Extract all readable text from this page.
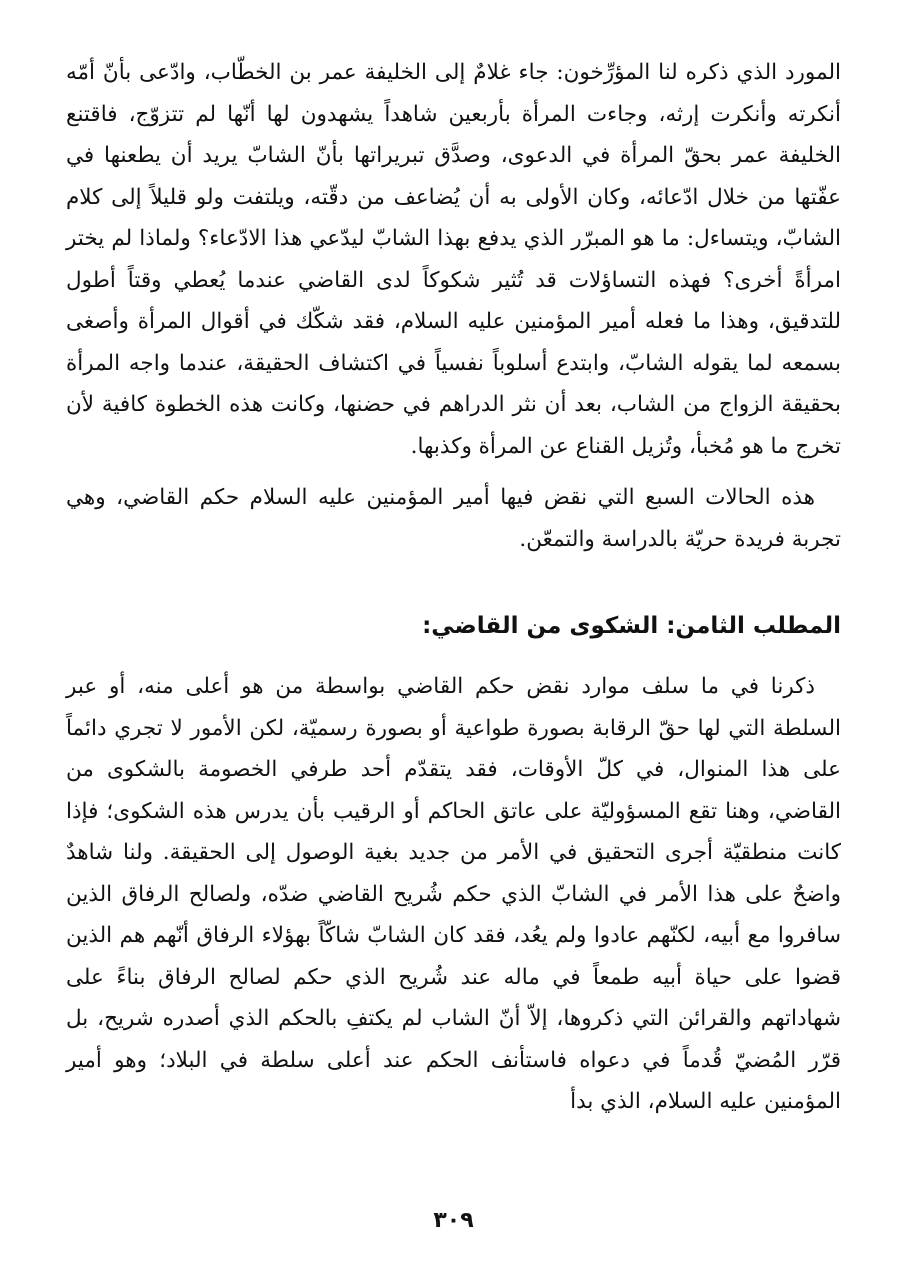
المورد الذي ذكره لنا المؤرِّخون: جاء غلامٌ إلى الخليفة عمر بن الخطّاب، وادّعى بأنّ أمّه أنكرته وأنكرت إرثه، وجاءت المرأة بأربعين شاهداً يشهدون لها أنّها لم تتزوّج، فاقتنع الخليفة عمر بحقّ المرأة في الدعوى، وصدَّق تبريراتها بأنّ الشابّ يريد أن يطعنها في عفّتها من خلال ادّعائه، وكان الأولى به أن يُضاعف من دقّته، ويلتفت ولو قليلاً إلى كلام الشابّ، ويتساءل: ما هو المبرّر الذي يدفع بهذا الشابّ ليدّعي هذا الادّعاء؟ ولماذا لم يختر امرأةً أخرى؟ فهذه التساؤلات قد تُثير شكوكاً لدى القاضي عندما يُعطي وقتاً أطول للتدقيق، وهذا ما فعله أمير المؤمنين عليه السلام، فقد شكّك في أقوال المرأة وأصغى بسمعه لما يقوله الشابّ، وابتدع أسلوباً نفسياً في اكتشاف الحقيقة، عندما واجه المرأة بحقيقة الزواج من الشاب، بعد أن نثر الدراهم في حضنها، وكانت هذه الخطوة كافية لأن تخرج ما هو مُخبأ، وتُزيل القناع عن المرأة وكذبها.

هذه الحالات السبع التي نقض فيها أمير المؤمنين عليه السلام حكم القاضي، وهي تجربة فريدة حريّة بالدراسة والتمعّن.

المطلب الثامن: الشكوى من القاضي:

ذكرنا في ما سلف موارد نقض حكم القاضي بواسطة من هو أعلى منه، أو عبر السلطة التي لها حقّ الرقابة بصورة طواعية أو بصورة رسميّة، لكن الأمور لا تجري دائماً على هذا المنوال، في كلّ الأوقات، فقد يتقدّم أحد طرفي الخصومة بالشكوى من القاضي، وهنا تقع المسؤوليّة على عاتق الحاكم أو الرقيب بأن يدرس هذه الشكوى؛ فإذا كانت منطقيّة أجرى التحقيق في الأمر من جديد بغية الوصول إلى الحقيقة. ولنا شاهدٌ واضحٌ على هذا الأمر في الشابّ الذي حكم شُريح القاضي ضدّه، ولصالح الرفاق الذين سافروا مع أبيه، لكنّهم عادوا ولم يعُد، فقد كان الشابّ شاكّاً بهؤلاء الرفاق أنّهم هم الذين قضوا على حياة أبيه طمعاً في ماله عند شُريح الذي حكم لصالح الرفاق بناءً على شهاداتهم والقرائن التي ذكروها، إلاّ أنّ الشاب لم يكتفِ بالحكم الذي أصدره شريح، بل قرّر المُضيّ قُدماً في دعواه فاستأنف الحكم عند أعلى سلطة في البلاد؛ وهو أمير المؤمنين عليه السلام، الذي بدأ

٣٠٩
